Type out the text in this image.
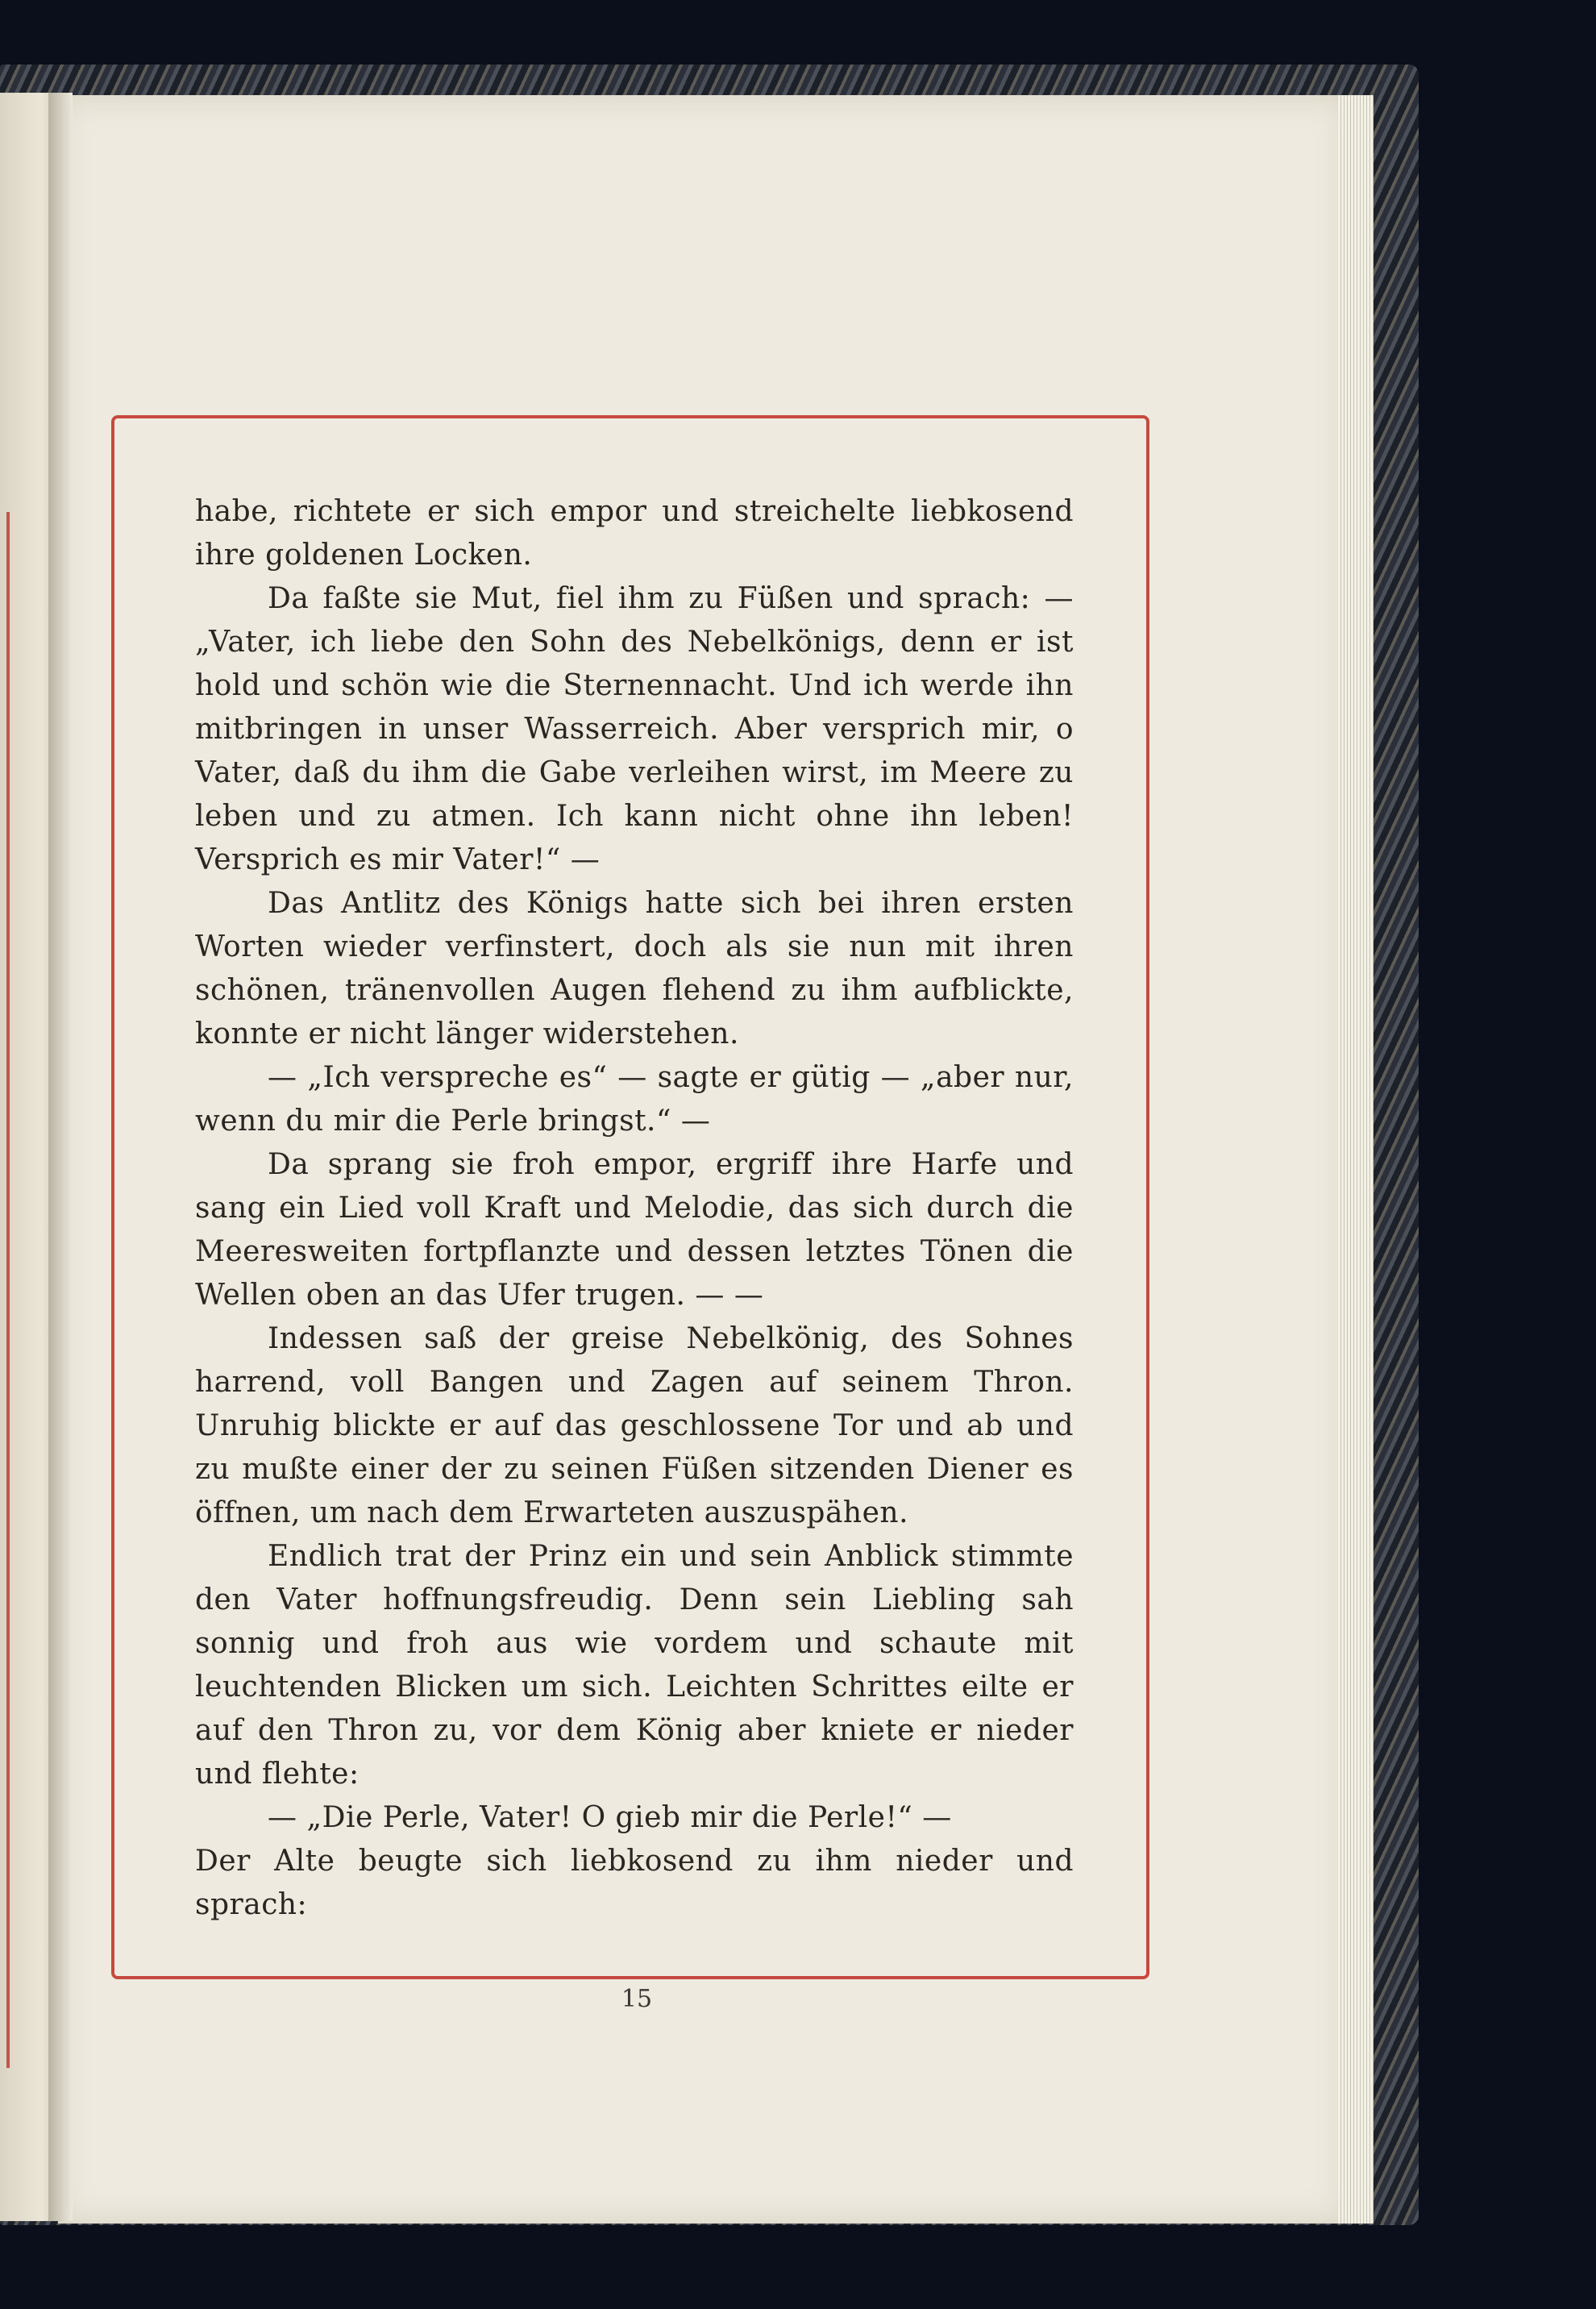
habe, richtete er sich empor und streichelte liebkosend ihre goldenen Locken.

Da faßte sie Mut, fiel ihm zu Füßen und sprach: — „Vater, ich liebe den Sohn des Nebelkönigs, denn er ist hold und schön wie die Sternennacht. Und ich werde ihn mitbringen in unser Wasserreich. Aber versprich mir, o Vater, daß du ihm die Gabe verleihen wirst, im Meere zu leben und zu atmen. Ich kann nicht ohne ihn leben! Versprich es mir Vater!“ —

Das Antlitz des Königs hatte sich bei ihren ersten Worten wieder verfinstert, doch als sie nun mit ihren schönen, tränenvollen Augen flehend zu ihm aufblickte, konnte er nicht länger widerstehen.

— „Ich verspreche es“ — sagte er gütig — „aber nur, wenn du mir die Perle bringst.“ —

Da sprang sie froh empor, ergriff ihre Harfe und sang ein Lied voll Kraft und Melodie, das sich durch die Meeresweiten fortpflanzte und dessen letztes Tönen die Wellen oben an das Ufer trugen. — —

Indessen saß der greise Nebelkönig, des Sohnes harrend, voll Bangen und Zagen auf seinem Thron. Unruhig blickte er auf das geschlossene Tor und ab und zu mußte einer der zu seinen Füßen sitzenden Diener es öffnen, um nach dem Erwarteten auszuspähen.

Endlich trat der Prinz ein und sein Anblick stimmte den Vater hoffnungsfreudig. Denn sein Liebling sah sonnig und froh aus wie vordem und schaute mit leuchtenden Blicken um sich. Leichten Schrittes eilte er auf den Thron zu, vor dem König aber kniete er nieder und flehte:

— „Die Perle, Vater! O gieb mir die Perle!“ —

Der Alte beugte sich liebkosend zu ihm nieder und sprach:

15
